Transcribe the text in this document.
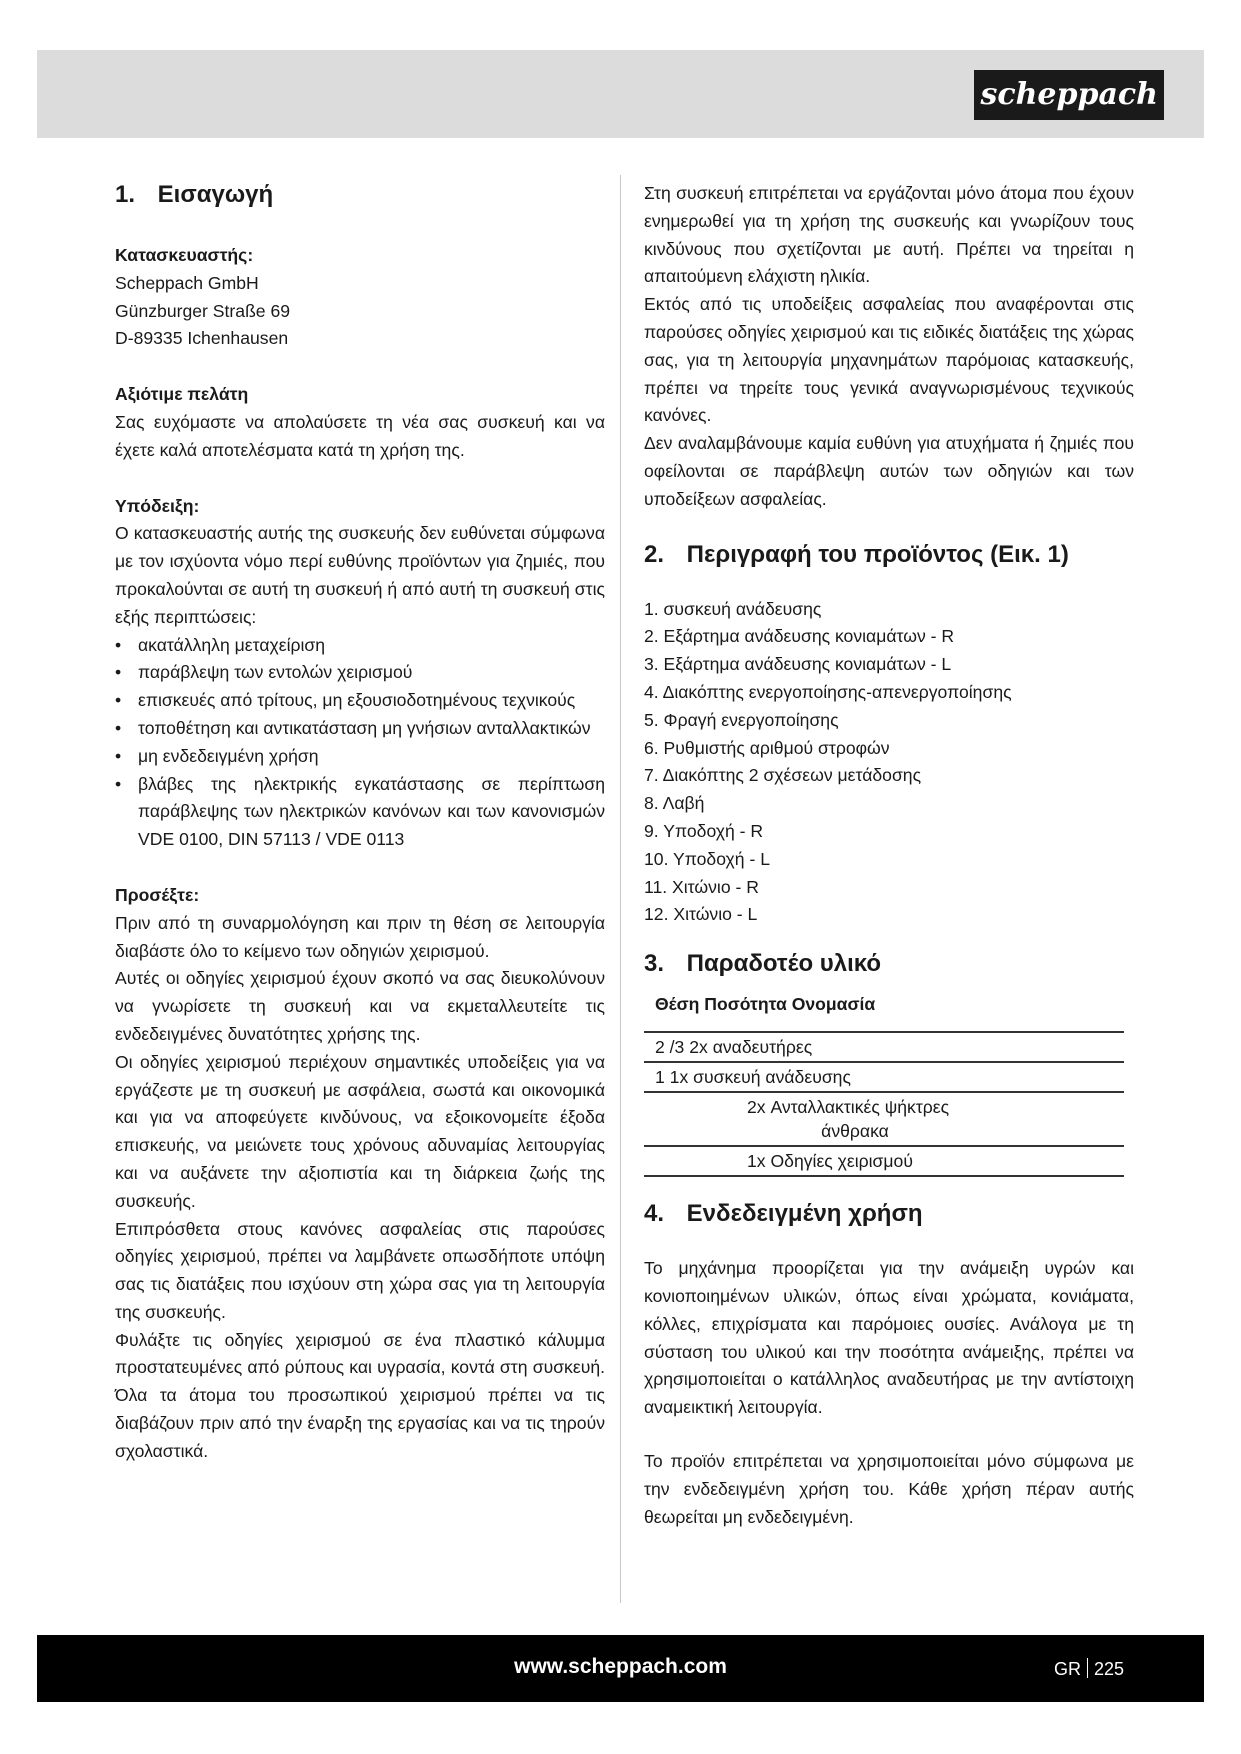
scheppach
1. Εισαγωγή
Κατασκευαστής:

Scheppach GmbH

Günzburger Straße 69

D-89335 Ichenhausen

Αξιότιμε πελάτη

Σας ευχόμαστε να απολαύσετε τη νέα σας συσκευή και να έχετε καλά αποτελέσματα κατά τη χρήση της.

Υπόδειξη:

Ο κατασκευαστής αυτής της συσκευής δεν ευθύνεται σύμφωνα με τον ισχύοντα νόμο περί ευθύνης προϊόντων για ζημιές, που προκαλούνται σε αυτή τη συσκευή ή από αυτή τη συσκευή στις εξής περιπτώσεις:

• ακατάλληλη μεταχείριση
• παράβλεψη των εντολών χειρισμού
• επισκευές από τρίτους, μη εξουσιοδοτημένους τεχνικούς
• τοποθέτηση και αντικατάσταση μη γνήσιων ανταλλακτικών
• μη ενδεδειγμένη χρήση
• βλάβες της ηλεκτρικής εγκατάστασης σε περίπτωση παράβλεψης των ηλεκτρικών κανόνων και των κανονισμών VDE 0100, DIN 57113 / VDE 0113
Προσέξτε:

Πριν από τη συναρμολόγηση και πριν τη θέση σε λειτουργία διαβάστε όλο το κείμενο των οδηγιών χειρισμού.

Αυτές οι οδηγίες χειρισμού έχουν σκοπό να σας διευκολύνουν να γνωρίσετε τη συσκευή και να εκμεταλλευτείτε τις ενδεδειγμένες δυνατότητες χρήσης της.

Οι οδηγίες χειρισμού περιέχουν σημαντικές υποδείξεις για να εργάζεστε με τη συσκευή με ασφάλεια, σωστά και οικονομικά και για να αποφεύγετε κινδύνους, να εξοικονομείτε έξοδα επισκευής, να μειώνετε τους χρόνους αδυναμίας λειτουργίας και να αυξάνετε την αξιοπιστία και τη διάρκεια ζωής της συσκευής.

Επιπρόσθετα στους κανόνες ασφαλείας στις παρούσες οδηγίες χειρισμού, πρέπει να λαμβάνετε οπωσδήποτε υπόψη σας τις διατάξεις που ισχύουν στη χώρα σας για τη λειτουργία της συσκευής.

Φυλάξτε τις οδηγίες χειρισμού σε ένα πλαστικό κάλυμμα προστατευμένες από ρύπους και υγρασία, κοντά στη συσκευή. Όλα τα άτομα του προσωπικού χειρισμού πρέπει να τις διαβάζουν πριν από την έναρξη της εργασίας και να τις τηρούν σχολαστικά.

Στη συσκευή επιτρέπεται να εργάζονται μόνο άτομα που έχουν ενημερωθεί για τη χρήση της συσκευής και γνωρίζουν τους κινδύνους που σχετίζονται με αυτή. Πρέπει να τηρείται η απαιτούμενη ελάχιστη ηλικία.

Εκτός από τις υποδείξεις ασφαλείας που αναφέρονται στις παρούσες οδηγίες χειρισμού και τις ειδικές διατάξεις της χώρας σας, για τη λειτουργία μηχανημάτων παρόμοιας κατασκευής, πρέπει να τηρείτε τους γενικά αναγνωρισμένους τεχνικούς κανόνες.

Δεν αναλαμβάνουμε καμία ευθύνη για ατυχήματα ή ζημιές που οφείλονται σε παράβλεψη αυτών των οδηγιών και των υποδείξεων ασφαλείας.

2. Περιγραφή του προϊόντος (Εικ. 1)
1. συσκευή ανάδευσης
2. Εξάρτημα ανάδευσης κονιαμάτων - R
3. Εξάρτημα ανάδευσης κονιαμάτων - L
4. Διακόπτης ενεργοποίησης-απενεργοποίησης
5. Φραγή ενεργοποίησης
6. Ρυθμιστής αριθμού στροφών
7. Διακόπτης 2 σχέσεων μετάδοσης
8. Λαβή
9. Υποδοχή - R
10. Υποδοχή - L
11. Χιτώνιο - R
12. Χιτώνιο - L
3. Παραδοτέο υλικό
Θέση Ποσότητα Ονομασία
2 /3 2x αναδευτήρες
1 1x συσκευή ανάδευσης
2x Ανταλλακτικές ψήκτρες
άνθρακα
1x Οδηγίες χειρισμού
4. Ενδεδειγμένη χρήση

Το μηχάνημα προορίζεται για την ανάμειξη υγρών και κονιοποιημένων υλικών, όπως είναι χρώματα, κονιάματα, κόλλες, επιχρίσματα και παρόμοιες ουσίες. Ανάλογα με τη σύσταση του υλικού και την ποσότητα ανάμειξης, πρέπει να χρησιμοποιείται ο κατάλληλος αναδευτήρας με την αντίστοιχη αναμεικτική λειτουργία.

Το προϊόν επιτρέπεται να χρησιμοποιείται μόνο σύμφωνα με την ενδεδειγμένη χρήση του. Κάθε χρήση πέραν αυτής θεωρείται μη ενδεδειγμένη.

www.scheppach.com	GR 225
